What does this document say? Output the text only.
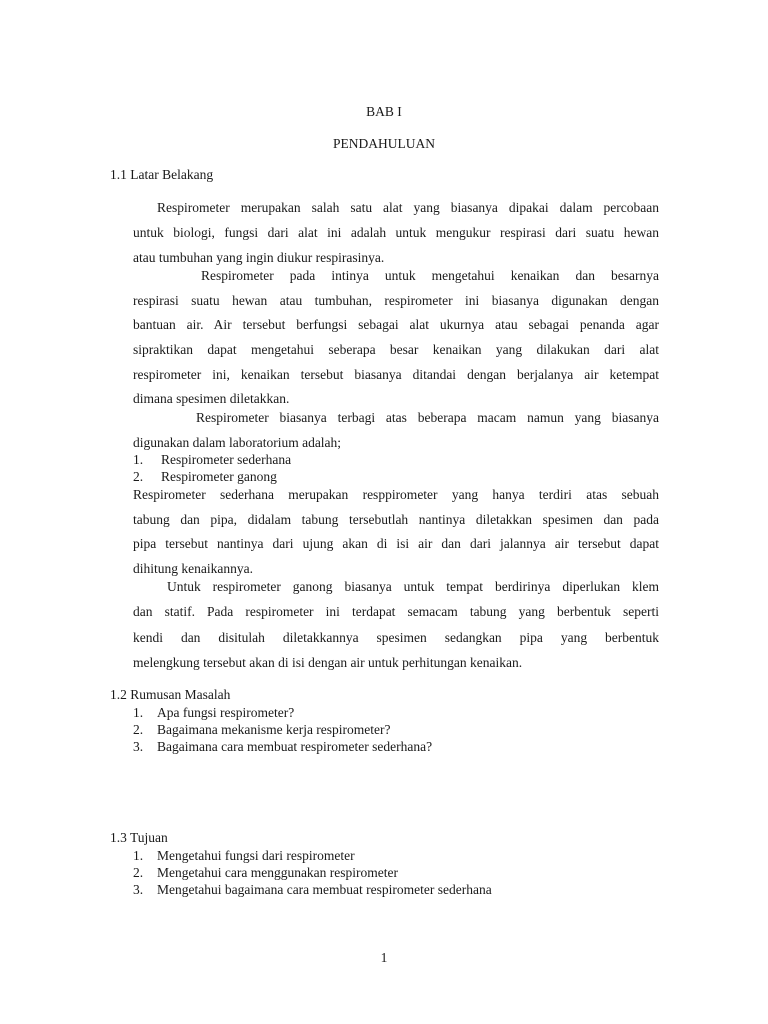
BAB I
PENDAHULUAN
1.1 Latar Belakang
Respirometer merupakan salah satu alat yang biasanya dipakai dalam percobaan
untuk biologi, fungsi dari alat ini adalah untuk mengukur respirasi dari suatu hewan
atau tumbuhan yang ingin diukur respirasinya.
Respirometer pada intinya untuk mengetahui kenaikan dan besarnya
respirasi suatu hewan atau tumbuhan, respirometer ini biasanya digunakan dengan
bantuan air. Air tersebut berfungsi sebagai alat ukurnya atau sebagai penanda agar
sipraktikan dapat mengetahui seberapa besar kenaikan yang dilakukan dari alat
respirometer ini, kenaikan tersebut biasanya ditandai dengan berjalanya air ketempat
dimana spesimen diletakkan.
Respirometer biasanya terbagi atas beberapa macam namun yang biasanya
digunakan dalam laboratorium adalah;
1. Respirometer sederhana
2. Respirometer ganong
Respirometer sederhana merupakan resppirometer yang hanya terdiri atas sebuah
tabung dan pipa, didalam tabung tersebutlah nantinya diletakkan spesimen dan pada
pipa tersebut nantinya dari ujung akan di isi air dan dari jalannya air tersebut dapat
dihitung kenaikannya.
Untuk respirometer ganong biasanya untuk tempat berdirinya diperlukan klem
dan statif. Pada respirometer ini terdapat semacam tabung yang berbentuk seperti
kendi dan disitulah diletakkannya spesimen sedangkan pipa yang berbentuk
melengkung tersebut akan di isi dengan air untuk perhitungan kenaikan.
1.2 Rumusan Masalah
1. Apa fungsi respirometer?
2. Bagaimana mekanisme kerja respirometer?
3. Bagaimana cara membuat respirometer sederhana?
1.3 Tujuan
1. Mengetahui fungsi dari respirometer
2. Mengetahui cara menggunakan respirometer
3. Mengetahui bagaimana cara membuat respirometer sederhana
1
